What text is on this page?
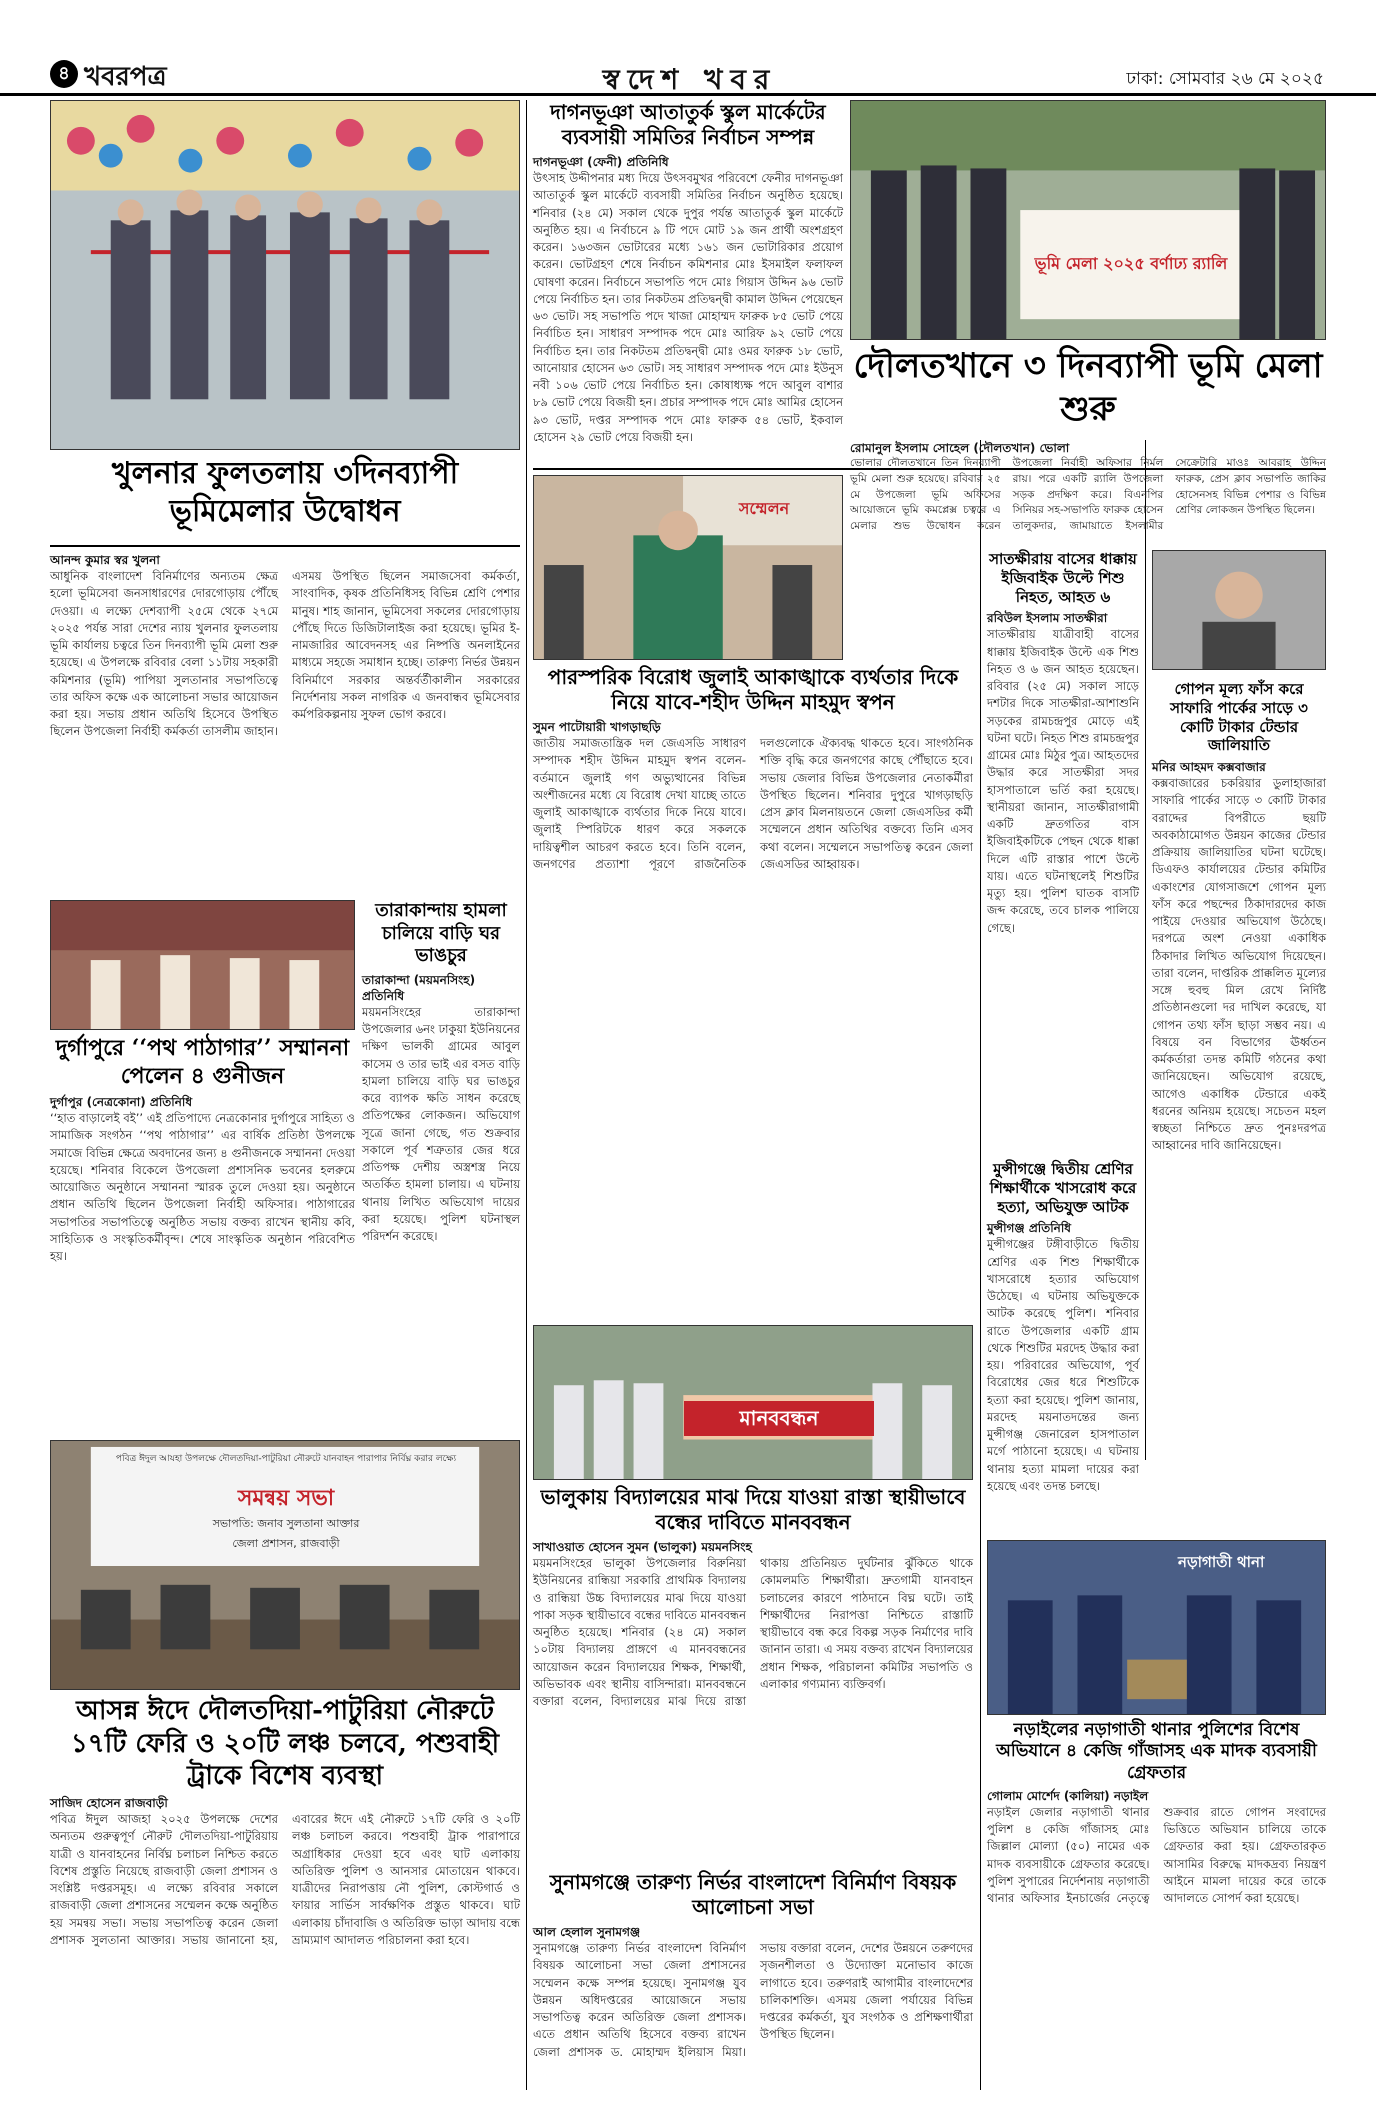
৪ খবরপত্র	স্বদেশ খবর	ঢাকা: সোমবার ২৬ মে ২০২৫
খুলনার ফুলতলায় ৩দিনব্যাপী ভূমিমেলার উদ্বোধন
আনন্দ কুমার স্বর খুলনা
আধুনিক বাংলাদেশ বিনির্মাণের অন্যতম ক্ষেত্র হলো ভূমিসেবা জনসাধারণের দোরগোড়ায় পৌঁছে দেওয়া। এ লক্ষ্যে দেশব্যাপী ২৫মে থেকে ২৭মে ২০২৫ পর্যন্ত সারা দেশের ন্যায় খুলনার ফুলতলায় ভূমি কার্যালয় চত্বরে তিন দিনব্যাপী ভূমি মেলা শুরু হয়েছে। এ উপলক্ষে রবিবার বেলা ১১টায় সহকারী কমিশনার (ভূমি) পাপিয়া সুলতানার সভাপতিত্বে তার অফিস কক্ষে এক আলোচনা সভার আয়োজন করা হয়। সভায় প্রধান অতিথি হিসেবে উপস্থিত ছিলেন উপজেলা নির্বাহী কর্মকর্তা তাসলীম জাহান। এসময় উপস্থিত ছিলেন সমাজসেবা কর্মকর্তা, সাংবাদিক, কৃষক প্রতিনিধিসহ বিভিন্ন শ্রেণি পেশার মানুষ। শাহ জানান, ভূমিসেবা সকলের দোরগোড়ায় পৌঁছে দিতে ডিজিটালাইজ করা হয়েছে। ভূমির ই-নামজারির আবেদনসহ এর নিষ্পত্তি অনলাইনের মাধ্যমে সহজে সমাধান হচ্ছে। তারুণ্য নির্ভর উন্নয়ন বিনির্মাণে সরকার অন্তর্বর্তীকালীন সরকারের নির্দেশনায় সকল নাগরিক এ জনবান্ধব ভূমিসেবার কর্মপরিকল্পনায় সুফল ভোগ করবে।
তারাকান্দায় হামলা চালিয়ে বাড়ি ঘর ভাঙচুর
তারাকান্দা (ময়মনসিংহ) প্রতিনিধি
ময়মনসিংহের তারাকান্দা উপজেলার ৬নং ঢাকুয়া ইউনিয়নের দক্ষিণ ভালকী গ্রামের আবুল কাসেম ও তার ভাই এর বসত বাড়ি হামলা চালিয়ে বাড়ি ঘর ভাঙচুর করে ব্যাপক ক্ষতি সাধন করেছে প্রতিপক্ষের লোকজন। অভিযোগ সূত্রে জানা গেছে, গত শুক্রবার সকালে পূর্ব শত্রুতার জের ধরে প্রতিপক্ষ দেশীয় অস্ত্রশস্ত্র নিয়ে অতর্কিত হামলা চালায়। এ ঘটনায় থানায় লিখিত অভিযোগ দায়ের করা হয়েছে। পুলিশ ঘটনাস্থল পরিদর্শন করেছে।
দুর্গাপুরে ‘‘পথ পাঠাগার’’ সম্মাননা পেলেন ৪ গুনীজন
দুর্গাপুর (নেত্রকোনা) প্রতিনিধি
‘‘হাত বাড়ালেই বই’’ এই প্রতিপাদ্যে নেত্রকোনার দুর্গাপুরে সাহিত্য ও সামাজিক সংগঠন ‘‘পথ পাঠাগার’’ এর বার্ষিক প্রতিষ্ঠা উপলক্ষে সমাজে বিভিন্ন ক্ষেত্রে অবদানের জন্য ৪ গুনীজনকে সম্মাননা দেওয়া হয়েছে। শনিবার বিকেলে উপজেলা প্রশাসনিক ভবনের হলরুমে আয়োজিত অনুষ্ঠানে সম্মাননা স্মারক তুলে দেওয়া হয়। অনুষ্ঠানে প্রধান অতিথি ছিলেন উপজেলা নির্বাহী অফিসার। পাঠাগারের সভাপতির সভাপতিত্বে অনুষ্ঠিত সভায় বক্তব্য রাখেন স্থানীয় কবি, সাহিত্যিক ও সংস্কৃতিকর্মীবৃন্দ। শেষে সাংস্কৃতিক অনুষ্ঠান পরিবেশিত হয়।
পবিত্র ঈদুল আযহা উপলক্ষে দৌলতদিয়া-পাটুরিয়া নৌরুটে যানবাহন পারাপার নির্বিঘ্ন করার লক্ষ্যে
সমন্বয় সভা
সভাপতি: জনাব সুলতানা আক্তার
জেলা প্রশাসন, রাজবাড়ী
আসন্ন ঈদে দৌলতদিয়া-পাটুরিয়া নৌরুটে ১৭টি ফেরি ও ২০টি লঞ্চ চলবে, পশুবাহী ট্রাকে বিশেষ ব্যবস্থা
সাজিদ হোসেন রাজবাড়ী
পবিত্র ঈদুল আজহা ২০২৫ উপলক্ষে দেশের অন্যতম গুরুত্বপূর্ণ নৌরুট দৌলতদিয়া-পাটুরিয়ায় যাত্রী ও যানবাহনের নির্বিঘ্ন চলাচল নিশ্চিত করতে বিশেষ প্রস্তুতি নিয়েছে রাজবাড়ী জেলা প্রশাসন ও সংশ্লিষ্ট দপ্তরসমূহ। এ লক্ষ্যে রবিবার সকালে রাজবাড়ী জেলা প্রশাসনের সম্মেলন কক্ষে অনুষ্ঠিত হয় সমন্বয় সভা। সভায় সভাপতিত্ব করেন জেলা প্রশাসক সুলতানা আক্তার। সভায় জানানো হয়, এবারের ঈদে এই নৌরুটে ১৭টি ফেরি ও ২০টি লঞ্চ চলাচল করবে। পশুবাহী ট্রাক পারাপারে অগ্রাধিকার দেওয়া হবে এবং ঘাট এলাকায় অতিরিক্ত পুলিশ ও আনসার মোতায়েন থাকবে। যাত্রীদের নিরাপত্তায় নৌ পুলিশ, কোস্টগার্ড ও ফায়ার সার্ভিস সার্বক্ষণিক প্রস্তুত থাকবে। ঘাট এলাকায় চাঁদাবাজি ও অতিরিক্ত ভাড়া আদায় বন্ধে ভ্রাম্যমাণ আদালত পরিচালনা করা হবে।
দাগনভূঞা আতাতুর্ক স্কুল মার্কেটের ব্যবসায়ী সমিতির নির্বাচন সম্পন্ন
দাগনভূঞা (ফেনী) প্রতিনিধি
উৎসাহ উদ্দীপনার মধ্য দিয়ে উৎসবমুখর পরিবেশে ফেনীর দাগনভূঞা আতাতুর্ক স্কুল মার্কেটে ব্যবসায়ী সমিতির নির্বাচন অনুষ্ঠিত হয়েছে। শনিবার (২৪ মে) সকাল থেকে দুপুর পর্যন্ত আতাতুর্ক স্কুল মার্কেটে অনুষ্ঠিত হয়। এ নির্বাচনে ৯ টি পদে মোট ১৯ জন প্রার্থী অংশগ্রহণ করেন। ১৬৩জন ভোটারের মধ্যে ১৬১ জন ভোটারিকার প্রয়োগ করেন। ভোটগ্রহণ শেষে নির্বাচন কমিশনার মোঃ ইসমাইল ফলাফল ঘোষণা করেন। নির্বাচনে সভাপতি পদে মোঃ গিয়াস উদ্দিন ৯৬ ভোট পেয়ে নির্বাচিত হন। তার নিকটতম প্রতিদ্বন্দ্বী কামাল উদ্দিন পেয়েছেন ৬৩ ভোট। সহ সভাপতি পদে খাজা মোহাম্মদ ফারুক ৮৫ ভোট পেয়ে নির্বাচিত হন। সাধারণ সম্পাদক পদে মোঃ আরিফ ৯২ ভোট পেয়ে নির্বাচিত হন। তার নিকটতম প্রতিদ্বন্দ্বী মোঃ ওমর ফারুক ১৮ ভোট, আনোয়ার হোসেন ৬৩ ভোট। সহ সাধারণ সম্পাদক পদে মোঃ ইউনুস নবী ১০৬ ভোট পেয়ে নির্বাচিত হন। কোষাধ্যক্ষ পদে আবুল বাশার ৮৯ ভোট পেয়ে বিজয়ী হন। প্রচার সম্পাদক পদে মোঃ আমির হোসেন ৯৩ ভোট, দপ্তর সম্পাদক পদে মোঃ ফারুক ৫৪ ভোট, ইকবাল হোসেন ২৯ ভোট পেয়ে বিজয়ী হন।
ভূমি মেলা ২০২৫ বর্ণাঢ্য র‍্যালি
দৌলতখানে ৩ দিনব্যাপী ভূমি মেলা শুরু
রোমানুল ইসলাম সোহেল (দৌলতখান) ভোলা
ভোলার দৌলতখানে তিন দিনব্যাপী ভূমি মেলা শুরু হয়েছে। রবিবার ২৫ মে উপজেলা ভূমি অফিসের আয়োজনে ভূমি কমপ্লেক্স চত্বরে এ মেলার শুভ উদ্বোধন করেন উপজেলা নির্বাহী অফিসার নির্মল রায়। পরে একটি র‍্যালি উপজেলা সড়ক প্রদক্ষিণ করে। বিএনপির সিনিয়র সহ-সভাপতি ফারুক হোসেন তালুকদার, জামায়াতে ইসলামীর সেক্রেটারি মাওঃ আবরাহ উদ্দিন ফারুক, প্রেস ক্লাব সভাপতি জাকির হোসেনসহ বিভিন্ন পেশার ও বিভিন্ন শ্রেণির লোকজন উপস্থিত ছিলেন।
সম্মেলন
পারস্পরিক বিরোধ জুলাই আকাঙ্খাকে ব্যর্থতার দিকে নিয়ে যাবে-শহীদ উদ্দিন মাহমুদ স্বপন
সুমন পাটোয়ারী খাগড়াছড়ি
জাতীয় সমাজতান্ত্রিক দল জেএসডি সাধারণ সম্পাদক শহীদ উদ্দিন মাহমুদ স্বপন বলেন- বর্তমানে জুলাই গণ অভ্যুত্থানের বিভিন্ন অংশীজনের মধ্যে যে বিরোধ দেখা যাচ্ছে তাতে জুলাই আকাঙ্খাকে ব্যর্থতার দিকে নিয়ে যাবে। জুলাই স্পিরিটকে ধারণ করে সকলকে দায়িত্বশীল আচরণ করতে হবে। তিনি বলেন, জনগণের প্রত্যাশা পূরণে রাজনৈতিক দলগুলোকে ঐক্যবদ্ধ থাকতে হবে। সাংগঠনিক শক্তি বৃদ্ধি করে জনগণের কাছে পৌঁছাতে হবে। সভায় জেলার বিভিন্ন উপজেলার নেতাকর্মীরা উপস্থিত ছিলেন। শনিবার দুপুরে খাগড়াছড়ি প্রেস ক্লাব মিলনায়তনে জেলা জেএসডির কর্মী সম্মেলনে প্রধান অতিথির বক্তব্যে তিনি এসব কথা বলেন। সম্মেলনে সভাপতিত্ব করেন জেলা জেএসডির আহ্বায়ক।
মানববন্ধন
ভালুকায় বিদ্যালয়ের মাঝ দিয়ে যাওয়া রাস্তা স্থায়ীভাবে বন্ধের দাবিতে মানববন্ধন
সাখাওয়াত হোসেন সুমন (ভালুকা) ময়মনসিংহ
ময়মনসিংহের ভালুকা উপজেলার বিরুনিয়া ইউনিয়নের রান্ধিয়া সরকারি প্রাথমিক বিদ্যালয় ও রান্ধিয়া উচ্চ বিদ্যালয়ের মাঝ দিয়ে যাওয়া পাকা সড়ক স্থায়ীভাবে বন্ধের দাবিতে মানববন্ধন অনুষ্ঠিত হয়েছে। শনিবার (২৪ মে) সকাল ১০টায় বিদ্যালয় প্রাঙ্গণে এ মানববন্ধনের আয়োজন করেন বিদ্যালয়ের শিক্ষক, শিক্ষার্থী, অভিভাবক এবং স্থানীয় বাসিন্দারা। মানববন্ধনে বক্তারা বলেন, বিদ্যালয়ের মাঝ দিয়ে রাস্তা থাকায় প্রতিনিয়ত দুর্ঘটনার ঝুঁকিতে থাকে কোমলমতি শিক্ষার্থীরা। দ্রুতগামী যানবাহন চলাচলের কারণে পাঠদানে বিঘ্ন ঘটে। তাই শিক্ষার্থীদের নিরাপত্তা নিশ্চিতে রাস্তাটি স্থায়ীভাবে বন্ধ করে বিকল্প সড়ক নির্মাণের দাবি জানান তারা। এ সময় বক্তব্য রাখেন বিদ্যালয়ের প্রধান শিক্ষক, পরিচালনা কমিটির সভাপতি ও এলাকার গণ্যমান্য ব্যক্তিবর্গ।
সুনামগঞ্জে তারুণ্য নির্ভর বাংলাদেশ বিনির্মাণ বিষয়ক আলোচনা সভা
আল হেলাল সুনামগঞ্জ
সুনামগঞ্জে তারুণ্য নির্ভর বাংলাদেশ বিনির্মাণ বিষয়ক আলোচনা সভা জেলা প্রশাসনের সম্মেলন কক্ষে সম্পন্ন হয়েছে। সুনামগঞ্জ যুব উন্নয়ন অধিদপ্তরের আয়োজনে সভায় সভাপতিত্ব করেন অতিরিক্ত জেলা প্রশাসক। এতে প্রধান অতিথি হিসেবে বক্তব্য রাখেন জেলা প্রশাসক ড. মোহাম্মদ ইলিয়াস মিয়া। সভায় বক্তারা বলেন, দেশের উন্নয়নে তরুণদের সৃজনশীলতা ও উদ্যোক্তা মনোভাব কাজে লাগাতে হবে। তরুণরাই আগামীর বাংলাদেশের চালিকাশক্তি। এসময় জেলা পর্যায়ের বিভিন্ন দপ্তরের কর্মকর্তা, যুব সংগঠক ও প্রশিক্ষণার্থীরা উপস্থিত ছিলেন।
সাতক্ষীরায় বাসের ধাক্কায় ইজিবাইক উল্টে শিশু নিহত, আহত ৬
রবিউল ইসলাম সাতক্ষীরা
সাতক্ষীরায় যাত্রীবাহী বাসের ধাক্কায় ইজিবাইক উল্টে এক শিশু নিহত ও ৬ জন আহত হয়েছেন। রবিবার (২৫ মে) সকাল সাড়ে দশটার দিকে সাতক্ষীরা-আশাশুনি সড়কের রামচন্দ্রপুর মোড়ে এই ঘটনা ঘটে। নিহত শিশু রামচন্দ্রপুর গ্রামের মোঃ মিঠুর পুত্র। আহতদের উদ্ধার করে সাতক্ষীরা সদর হাসপাতালে ভর্তি করা হয়েছে। স্থানীয়রা জানান, সাতক্ষীরাগামী একটি দ্রুতগতির বাস ইজিবাইকটিকে পেছন থেকে ধাক্কা দিলে এটি রাস্তার পাশে উল্টে যায়। এতে ঘটনাস্থলেই শিশুটির মৃত্যু হয়। পুলিশ ঘাতক বাসটি জব্দ করেছে, তবে চালক পালিয়ে গেছে।
মুন্সীগঞ্জে দ্বিতীয় শ্রেণির শিক্ষার্থীকে খাসরোধ করে হত্যা, অভিযুক্ত আটক
মুন্সীগঞ্জ প্রতিনিধি
মুন্সীগঞ্জের টঙ্গীবাড়ীতে দ্বিতীয় শ্রেণির এক শিশু শিক্ষার্থীকে খাসরোধে হত্যার অভিযোগ উঠেছে। এ ঘটনায় অভিযুক্তকে আটক করেছে পুলিশ। শনিবার রাতে উপজেলার একটি গ্রাম থেকে শিশুটির মরদেহ উদ্ধার করা হয়। পরিবারের অভিযোগ, পূর্ব বিরোধের জের ধরে শিশুটিকে হত্যা করা হয়েছে। পুলিশ জানায়, মরদেহ ময়নাতদন্তের জন্য মুন্সীগঞ্জ জেনারেল হাসপাতাল মর্গে পাঠানো হয়েছে। এ ঘটনায় থানায় হত্যা মামলা দায়ের করা হয়েছে এবং তদন্ত চলছে।
গোপন মূল্য ফাঁস করে সাফারি পার্কের সাড়ে ৩ কোটি টাকার টেন্ডার জালিয়াতি
মনির আহমদ কক্সবাজার
কক্সবাজারের চকরিয়ার ডুলাহাজারা সাফারি পার্কের সাড়ে ৩ কোটি টাকার বরাদ্দের বিপরীতে ছয়টি অবকাঠামোগত উন্নয়ন কাজের টেন্ডার প্রক্রিয়ায় জালিয়াতির ঘটনা ঘটেছে। ডিএফও কার্যালয়ের টেন্ডার কমিটির একাংশের যোগসাজশে গোপন মূল্য ফাঁস করে পছন্দের ঠিকাদারদের কাজ পাইয়ে দেওয়ার অভিযোগ উঠেছে। দরপত্রে অংশ নেওয়া একাধিক ঠিকাদার লিখিত অভিযোগ দিয়েছেন। তারা বলেন, দাপ্তরিক প্রাক্কলিত মূল্যের সঙ্গে হুবহু মিল রেখে নির্দিষ্ট প্রতিষ্ঠানগুলো দর দাখিল করেছে, যা গোপন তথ্য ফাঁস ছাড়া সম্ভব নয়। এ বিষয়ে বন বিভাগের ঊর্ধ্বতন কর্মকর্তারা তদন্ত কমিটি গঠনের কথা জানিয়েছেন। অভিযোগ রয়েছে, আগেও একাধিক টেন্ডারে একই ধরনের অনিয়ম হয়েছে। সচেতন মহল স্বচ্ছতা নিশ্চিতে দ্রুত পুনঃদরপত্র আহ্বানের দাবি জানিয়েছেন।
নড়াগাতী থানা
নড়াইলের নড়াগাতী থানার পুলিশের বিশেষ অভিযানে ৪ কেজি গাঁজাসহ এক মাদক ব্যবসায়ী গ্রেফতার
গোলাম মোর্শেদ (কালিয়া) নড়াইল
নড়াইল জেলার নড়াগাতী থানার পুলিশ ৪ কেজি গাঁজাসহ মোঃ জিল্লাল মোল্যা (৫০) নামের এক মাদক ব্যবসায়ীকে গ্রেফতার করেছে। পুলিশ সুপারের নির্দেশনায় নড়াগাতী থানার অফিসার ইনচার্জের নেতৃত্বে শুক্রবার রাতে গোপন সংবাদের ভিত্তিতে অভিযান চালিয়ে তাকে গ্রেফতার করা হয়। গ্রেফতারকৃত আসামির বিরুদ্ধে মাদকদ্রব্য নিয়ন্ত্রণ আইনে মামলা দায়ের করে তাকে আদালতে সোপর্দ করা হয়েছে।
